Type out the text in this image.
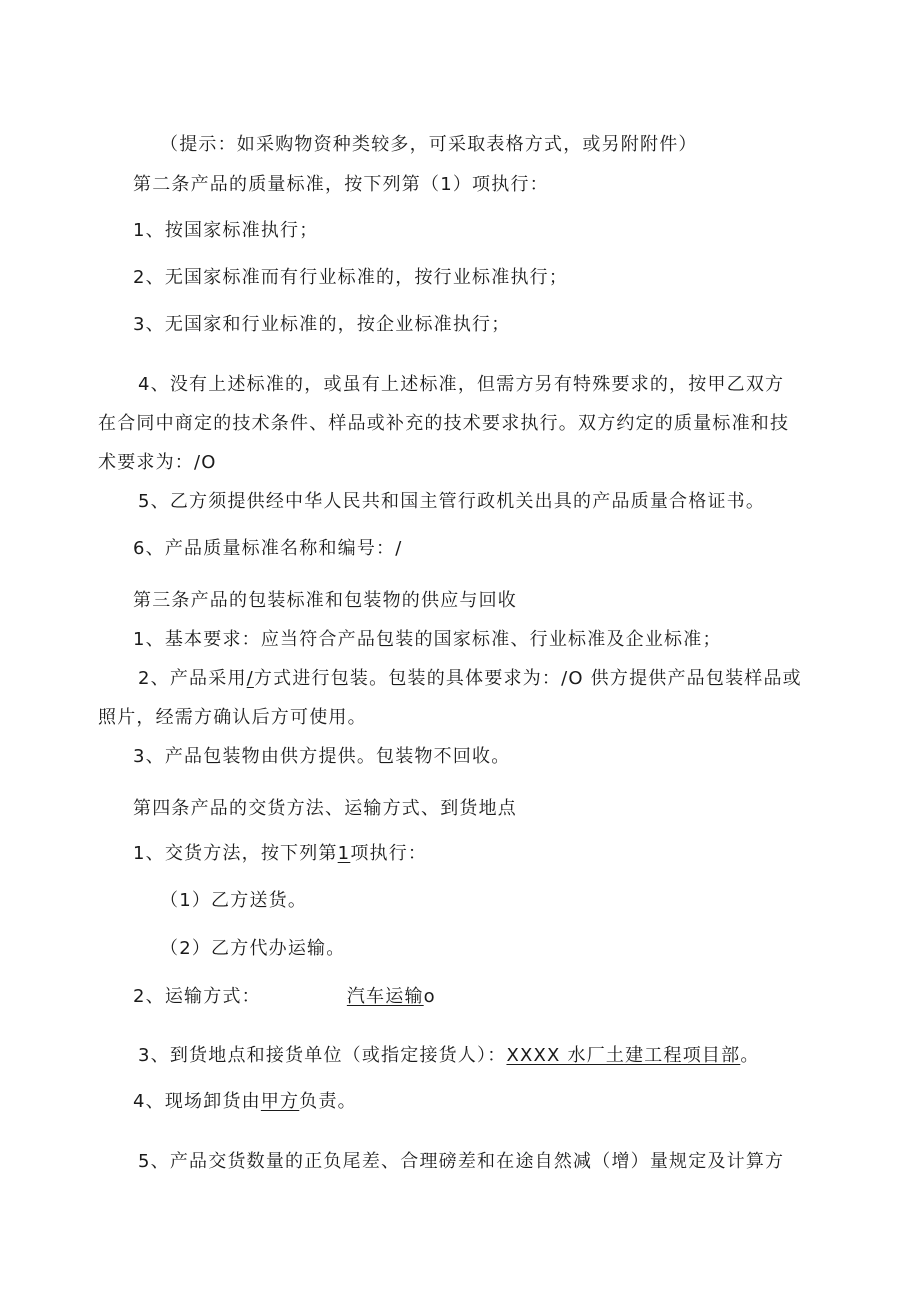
（提示：如采购物资种类较多，可采取表格方式，或另附附件）
第二条产品的质量标准，按下列第（1）项执行：
1、按国家标准执行；
2、无国家标准而有行业标准的，按行业标准执行；
3、无国家和行业标准的，按企业标准执行；
4、没有上述标准的，或虽有上述标准，但需方另有特殊要求的，按甲乙双方
在合同中商定的技术条件、样品或补充的技术要求执行。双方约定的质量标准和技
术要求为：/O
5、乙方须提供经中华人民共和国主管行政机关出具的产品质量合格证书。
6、产品质量标准名称和编号：/
第三条产品的包装标准和包装物的供应与回收
1、基本要求：应当符合产品包装的国家标准、行业标准及企业标准；
2、产品采用/方式进行包装。包装的具体要求为：/O 供方提供产品包装样品或
照片，经需方确认后方可使用。
3、产品包装物由供方提供。包装物不回收。
第四条产品的交货方法、运输方式、到货地点
1、交货方法，按下列第1项执行：
（1）乙方送货。
（2）乙方代办运输。
2、运输方式：	汽车运输o
3、到货地点和接货单位（或指定接货人）：XXXX 水厂土建工程项目部。
4、现场卸货由甲方负责。
5、产品交货数量的正负尾差、合理磅差和在途自然减（增）量规定及计算方
